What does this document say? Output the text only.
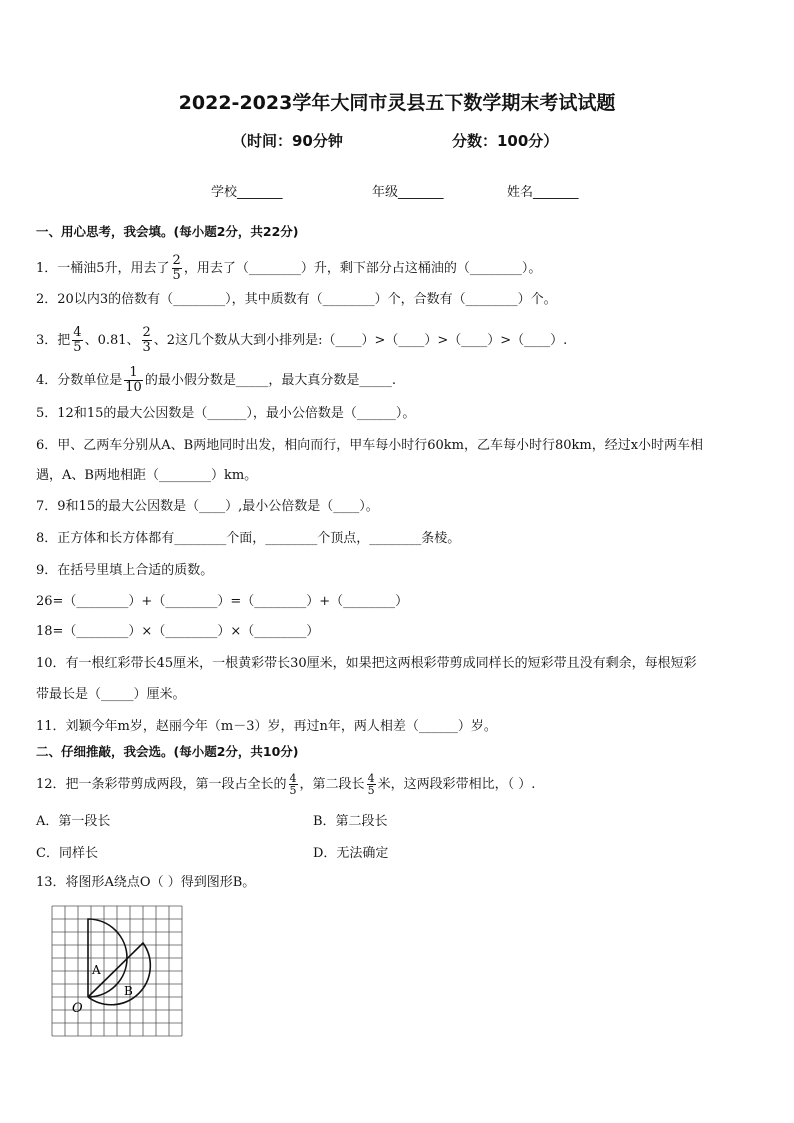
2022-2023学年大同市灵县五下数学期末考试试题
（时间：90分钟	分数：100分）
学校_______	年级_______	姓名_______
一、用心思考，我会填。(每小题2分，共22分)
1．一桶油5升，用去了 $\frac{2}{5}$ ，用去了（________）升，剩下部分占这桶油的（________）。
2．20以内3的倍数有（________），其中质数有（________）个，合数有（________）个。
3．把 $\frac{4}{5}$ 、0.81、 $\frac{2}{3}$ 、2这几个数从大到小排列是:（____）>（____）>（____）>（____）.
4．分数单位是 $\frac{1}{10}$ 的最小假分数是_____，最大真分数是_____.
5．12和15的最大公因数是（______），最小公倍数是（______）。
6．甲、乙两车分别从A、B两地同时出发，相向而行，甲车每小时行60km，乙车每小时行80km，经过x小时两车相
遇，A、B两地相距（________）km。
7．9和15的最大公因数是（____）,最小公倍数是（____）。
8．正方体和长方体都有________个面，________个顶点，________条棱。
9．在括号里填上合适的质数。
26=（________）+（________）=（________）+（________）
18=（________）×（________）×（________）
10．有一根红彩带长45厘米，一根黄彩带长30厘米，如果把这两根彩带剪成同样长的短彩带且没有剩余，每根短彩
带最长是（_____）厘米。
11．刘颖今年m岁，赵丽今年（m－3）岁，再过n年，两人相差（______）岁。
二、仔细推敲，我会选。(每小题2分，共10分)
12．把一条彩带剪成两段，第一段占全长的 $\frac{4}{5}$ ，第二段长 $\frac{4}{5}$ 米，这两段彩带相比，（ ）.
A．第一段长	B．第二段长
C．同样长	D．无法确定
13．将图形A绕点O（ ）得到图形B。
A
B
O
